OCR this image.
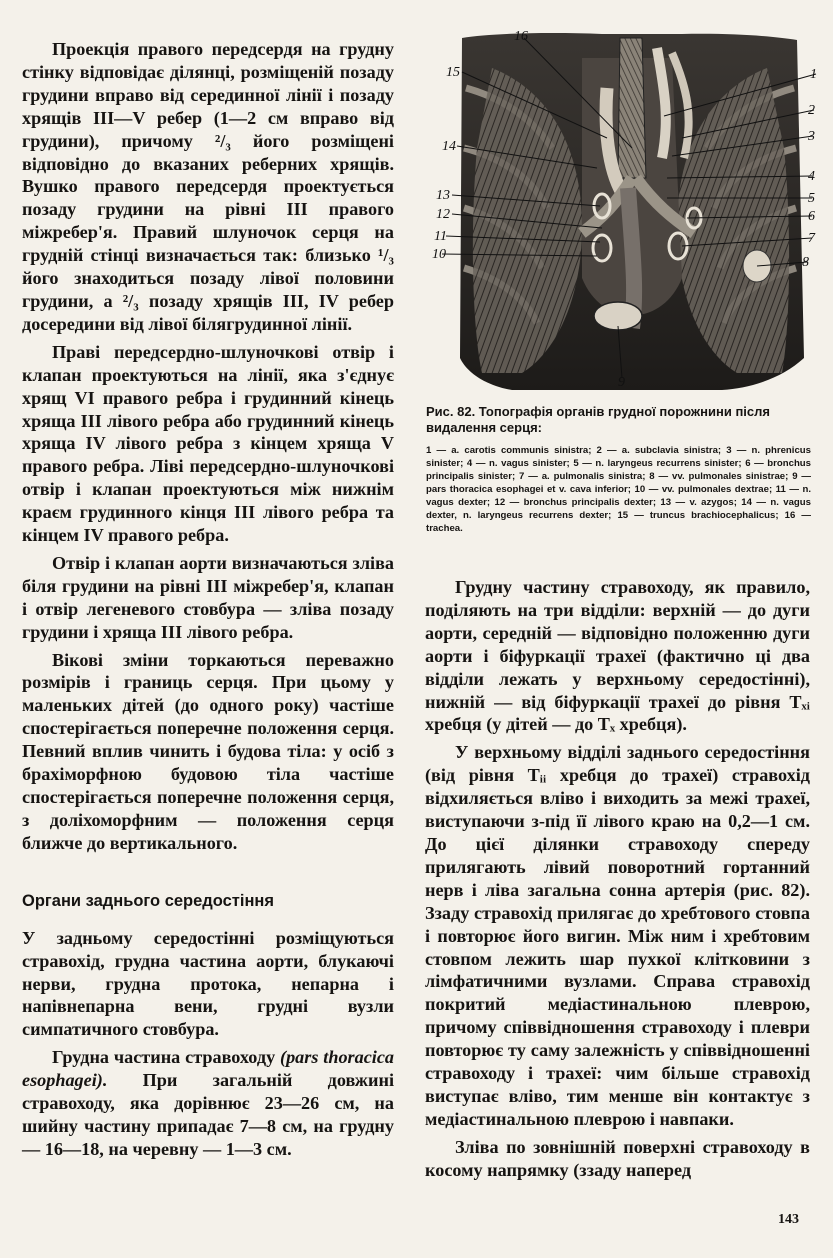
Проекція правого передсердя на грудну стінку відповідає ділянці, розміщеній позаду грудини вправо від серединної лінії і позаду хрящів III—V ребер (1—2 см вправо від грудини), причому ²/₃ його розміщені відповідно до вказаних реберних хрящів. Вушко правого передсердя проектується позаду грудини на рівні III правого міжребер'я. Правий шлуночок серця на грудній стінці визначається так: близько ¹/₃ його знаходиться позаду лівої половини грудини, а ²/₃ позаду хрящів III, IV ребер досередини від лівої білягрудинної лінії.

Праві передсердно-шлуночкові отвір і клапан проектуються на лінії, яка з'єднує хрящ VI правого ребра і грудинний кінець хряща III лівого ребра або грудинний кінець хряща IV лівого ребра з кінцем хряща V правого ребра. Ліві передсердно-шлуночкові отвір і клапан проектуються між нижнім краєм грудинного кінця III лівого ребра та кінцем IV правого ребра.

Отвір і клапан аорти визначаються зліва біля грудини на рівні III міжребер'я, клапан і отвір легеневого стовбура — зліва позаду грудини і хряща III лівого ребра.

Вікові зміни торкаються переважно розмірів і границь серця. При цьому у маленьких дітей (до одного року) частіше спостерігається поперечне положення серця. Певний вплив чинить і будова тіла: у осіб з брахіморфною будовою тіла частіше спостерігається поперечне положення серця, з доліхоморфним — положення серця ближче до вертикального.

Органи заднього середостіння

У задньому середостінні розміщуються стравохід, грудна частина аорти, блукаючі нерви, грудна протока, непарна і напівнепарна вени, грудні вузли симпатичного стовбура.

Грудна частина стравоходу (pars thoracica esophagei). При загальній довжині стравоходу, яка дорівнює 23—26 см, на шийну частину припадає 7—8 см, на грудну — 16—18, на черевну — 1—3 см.

16
15	1
2
3
14
4
13	5
12	6
11	7
10
8
9

Рис. 82. Топографія органів грудної порожнини після видалення серця:

1 — a. carotis communis sinistra; 2 — a. subclavia sinistra; 3 — n. phrenicus sinister; 4 — n. vagus sinister; 5 — n. laryngeus recurrens sinister; 6 — bronchus principalis sinister; 7 — a. pulmonalis sinistra; 8 — vv. pulmonales sinistrae; 9 — pars thoracica esophagei et v. cava inferior; 10 — vv. pulmonales dextrae; 11 — n. vagus dexter; 12 — bronchus principalis dexter; 13 — v. azygos; 14 — n. vagus dexter, n. laryngeus recurrens dexter; 15 — truncus brachiocephalicus; 16 — trachea.

Грудну частину стравоходу, як правило, поділяють на три відділи: верхній — до дуги аорти, середній — відповідно положенню дуги аорти і біфуркації трахеї (фактично ці два відділи лежать у верхньому середостінні), нижній — від біфуркації трахеї до рівня Tₓᵢ хребця (у дітей — до Tₓ хребця).

У верхньому відділі заднього середостіння (від рівня Tᵢᵢ хребця до трахеї) стравохід відхиляється вліво і виходить за межі трахеї, виступаючи з-під її лівого краю на 0,2—1 см. До цієї ділянки стравоходу спереду прилягають лівий поворотний гортанний нерв і ліва загальна сонна артерія (рис. 82). Ззаду стравохід прилягає до хребтового стовпа і повторює його вигин. Між ним і хребтовим стовпом лежить шар пухкої клітковини з лімфатичними вузлами. Справа стравохід покритий медіастинальною плеврою, причому співвідношення стравоходу і плеври повторює ту саму залежність у співвідношенні стравоходу і трахеї: чим більше стравохід виступає вліво, тим менше він контактує з медіастинальною плеврою і навпаки.

Зліва по зовнішній поверхні стравоходу в косому напрямку (ззаду наперед

143
